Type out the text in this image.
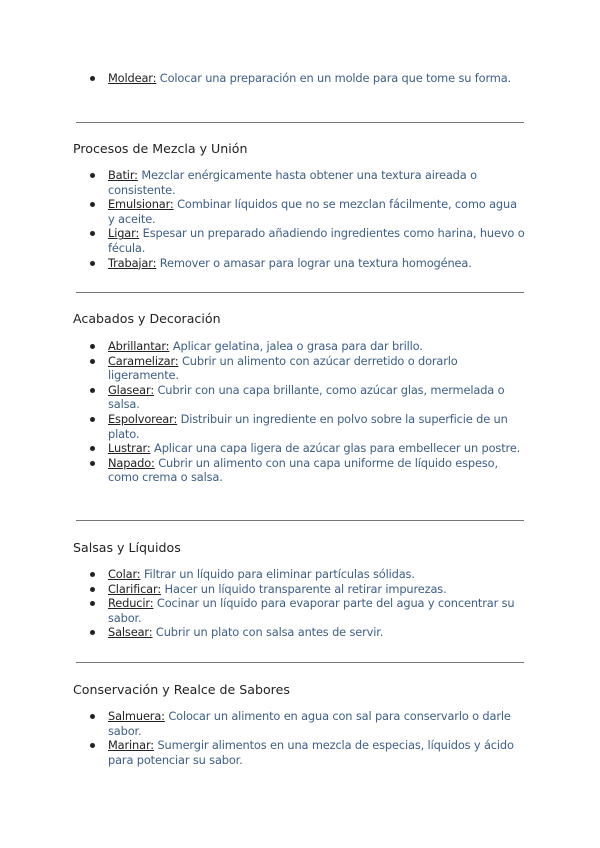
Moldear: Colocar una preparación en un molde para que tome su forma.
Procesos de Mezcla y Unión
Batir: Mezclar enérgicamente hasta obtener una textura aireada o consistente.
Emulsionar: Combinar líquidos que no se mezclan fácilmente, como agua y aceite.
Ligar: Espesar un preparado añadiendo ingredientes como harina, huevo o fécula.
Trabajar: Remover o amasar para lograr una textura homogénea.
Acabados y Decoración
Abrillantar: Aplicar gelatina, jalea o grasa para dar brillo.
Caramelizar: Cubrir un alimento con azúcar derretido o dorarlo ligeramente.
Glasear: Cubrir con una capa brillante, como azúcar glas, mermelada o salsa.
Espolvorear: Distribuir un ingrediente en polvo sobre la superficie de un plato.
Lustrar: Aplicar una capa ligera de azúcar glas para embellecer un postre.
Napado: Cubrir un alimento con una capa uniforme de líquido espeso, como crema o salsa.
Salsas y Líquidos
Colar: Filtrar un líquido para eliminar partículas sólidas.
Clarificar: Hacer un líquido transparente al retirar impurezas.
Reducir: Cocinar un líquido para evaporar parte del agua y concentrar su sabor.
Salsear: Cubrir un plato con salsa antes de servir.
Conservación y Realce de Sabores
Salmuera: Colocar un alimento en agua con sal para conservarlo o darle sabor.
Marinar: Sumergir alimentos en una mezcla de especias, líquidos y ácido para potenciar su sabor.
